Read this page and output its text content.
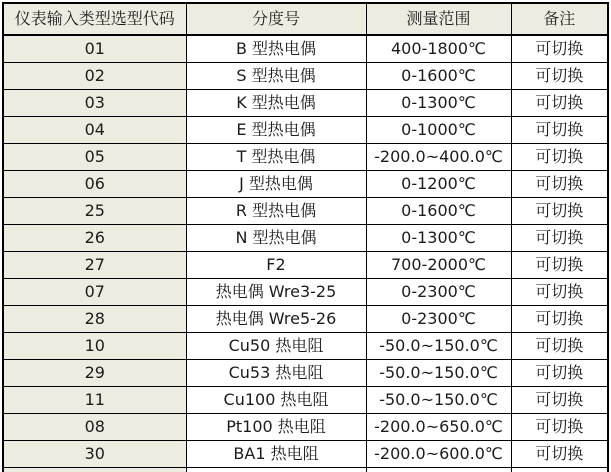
仪表输入类型选型代码	分度号	测量范围	备注
01	B 型热电偶	400-1800℃	可切换
02	S 型热电偶	0-1600℃	可切换
03	K 型热电偶	0-1300℃	可切换
04	E 型热电偶	0-1000℃	可切换
05	T 型热电偶	-200.0~400.0℃	可切换
06	J 型热电偶	0-1200℃	可切换
25	R 型热电偶	0-1600℃	可切换
26	N 型热电偶	0-1300℃	可切换
27	F2	700-2000℃	可切换
07	热电偶 Wre3-25	0-2300℃	可切换
28	热电偶 Wre5-26	0-2300℃	可切换
10	Cu50 热电阻	-50.0~150.0℃	可切换
29	Cu53 热电阻	-50.0~150.0℃	可切换
11	Cu100 热电阻	-50.0~150.0℃	可切换
08	Pt100 热电阻	-200.0~650.0℃	可切换
30	BA1 热电阻	-200.0~600.0℃	可切换
